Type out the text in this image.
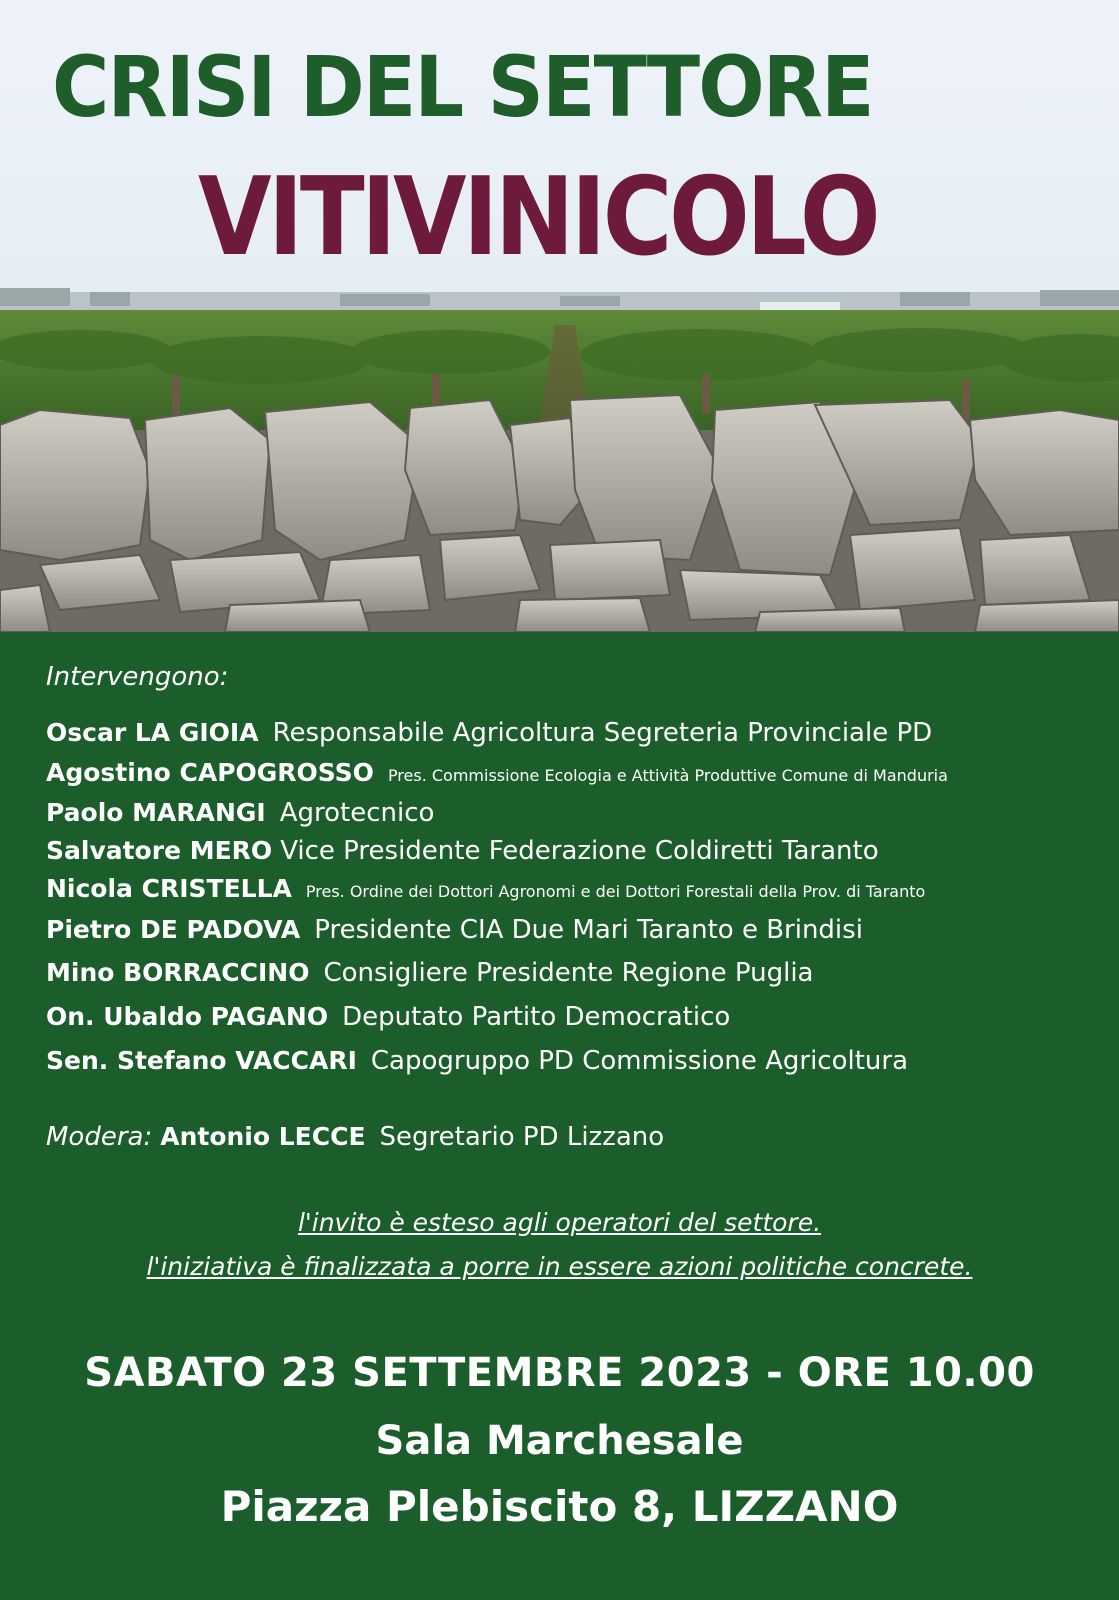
CRISI DEL SETTORE
VITIVINICOLO

Intervengono:

Oscar LA GIOIA Responsabile Agricoltura Segreteria Provinciale PD
Agostino CAPOGROSSO Pres. Commissione Ecologia e Attività Produttive Comune di Manduria
Paolo MARANGI Agrotecnico
Salvatore MERO Vice Presidente Federazione Coldiretti Taranto
Nicola CRISTELLA Pres. Ordine dei Dottori Agronomi e dei Dottori Forestali della Prov. di Taranto
Pietro DE PADOVA Presidente CIA Due Mari Taranto e Brindisi
Mino BORRACCINO Consigliere Presidente Regione Puglia
On. Ubaldo PAGANO Deputato Partito Democratico
Sen. Stefano VACCARI Capogruppo PD Commissione Agricoltura
Modera: Antonio LECCE Segretario PD Lizzano
l'invito è esteso agli operatori del settore.
l'iniziativa è finalizzata a porre in essere azioni politiche concrete.
SABATO 23 SETTEMBRE 2023 - ORE 10.00
Sala Marchesale
Piazza Plebiscito 8, LIZZANO
